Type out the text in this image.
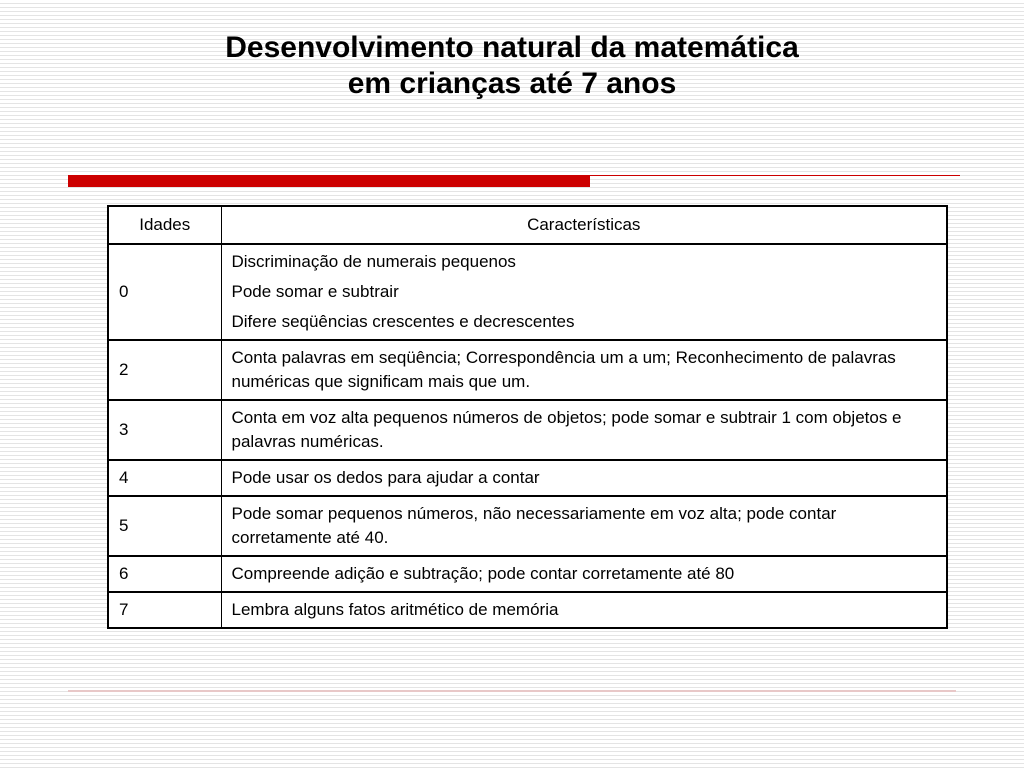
Desenvolvimento natural da matemática
em crianças até 7 anos
Idades	Características
0	Discriminação de numerais pequenos
Pode somar e subtrair
Difere seqüências crescentes e decrescentes

2	Conta palavras em seqüência; Correspondência um a um; Reconhecimento de palavras numéricas que significam mais que um.
3	Conta em voz alta pequenos números de objetos; pode somar e subtrair 1 com objetos e palavras numéricas.
4	Pode usar os dedos para ajudar a contar
5	Pode somar pequenos números, não necessariamente em voz alta; pode contar corretamente até 40.
6	Compreende adição e subtração; pode contar corretamente até 80
7	Lembra alguns fatos aritmético de memória
